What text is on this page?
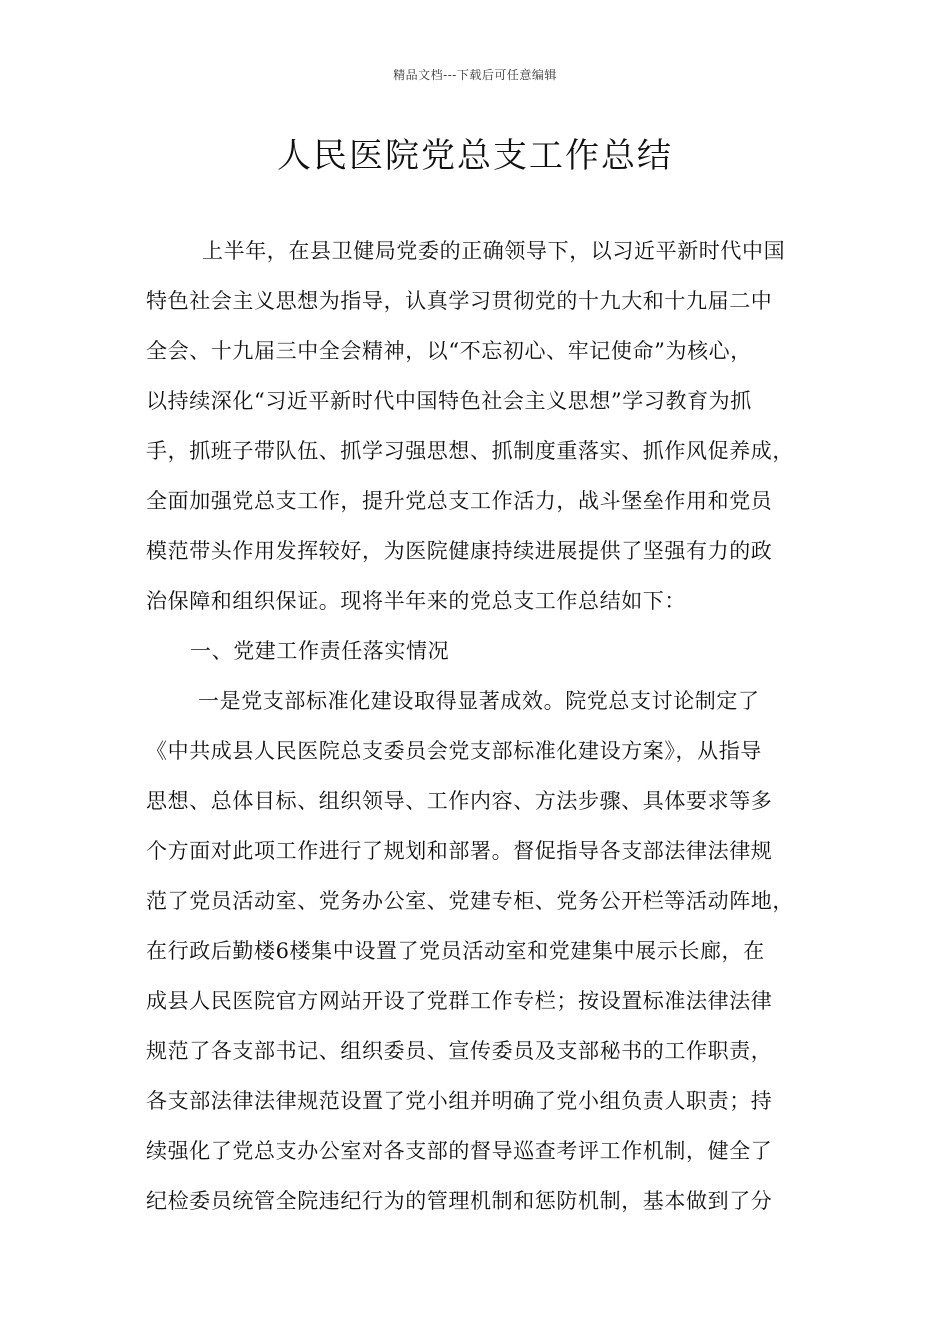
精品文档---下载后可任意编辑
人民医院党总支工作总结
上半年，在县卫健局党委的正确领导下，以习近平新时代中国
特色社会主义思想为指导，认真学习贯彻党的十九大和十九届二中
全会、十九届三中全会精神，以“不忘初心、牢记使命”为核心，
以持续深化“习近平新时代中国特色社会主义思想”学习教育为抓
手，抓班子带队伍、抓学习强思想、抓制度重落实、抓作风促养成，
全面加强党总支工作，提升党总支工作活力，战斗堡垒作用和党员
模范带头作用发挥较好，为医院健康持续进展提供了坚强有力的政
治保障和组织保证。现将半年来的党总支工作总结如下：
一、党建工作责任落实情况
一是党支部标准化建设取得显著成效。院党总支讨论制定了
《中共成县人民医院总支委员会党支部标准化建设方案》，从指导
思想、总体目标、组织领导、工作内容、方法步骤、具体要求等多
个方面对此项工作进行了规划和部署。督促指导各支部法律法律规
范了党员活动室、党务办公室、党建专柜、党务公开栏等活动阵地，
在行政后勤楼6楼集中设置了党员活动室和党建集中展示长廊，在
成县人民医院官方网站开设了党群工作专栏；按设置标准法律法律
规范了各支部书记、组织委员、宣传委员及支部秘书的工作职责，
各支部法律法律规范设置了党小组并明确了党小组负责人职责；持
续强化了党总支办公室对各支部的督导巡查考评工作机制，健全了
纪检委员统管全院违纪行为的管理机制和惩防机制，基本做到了分
